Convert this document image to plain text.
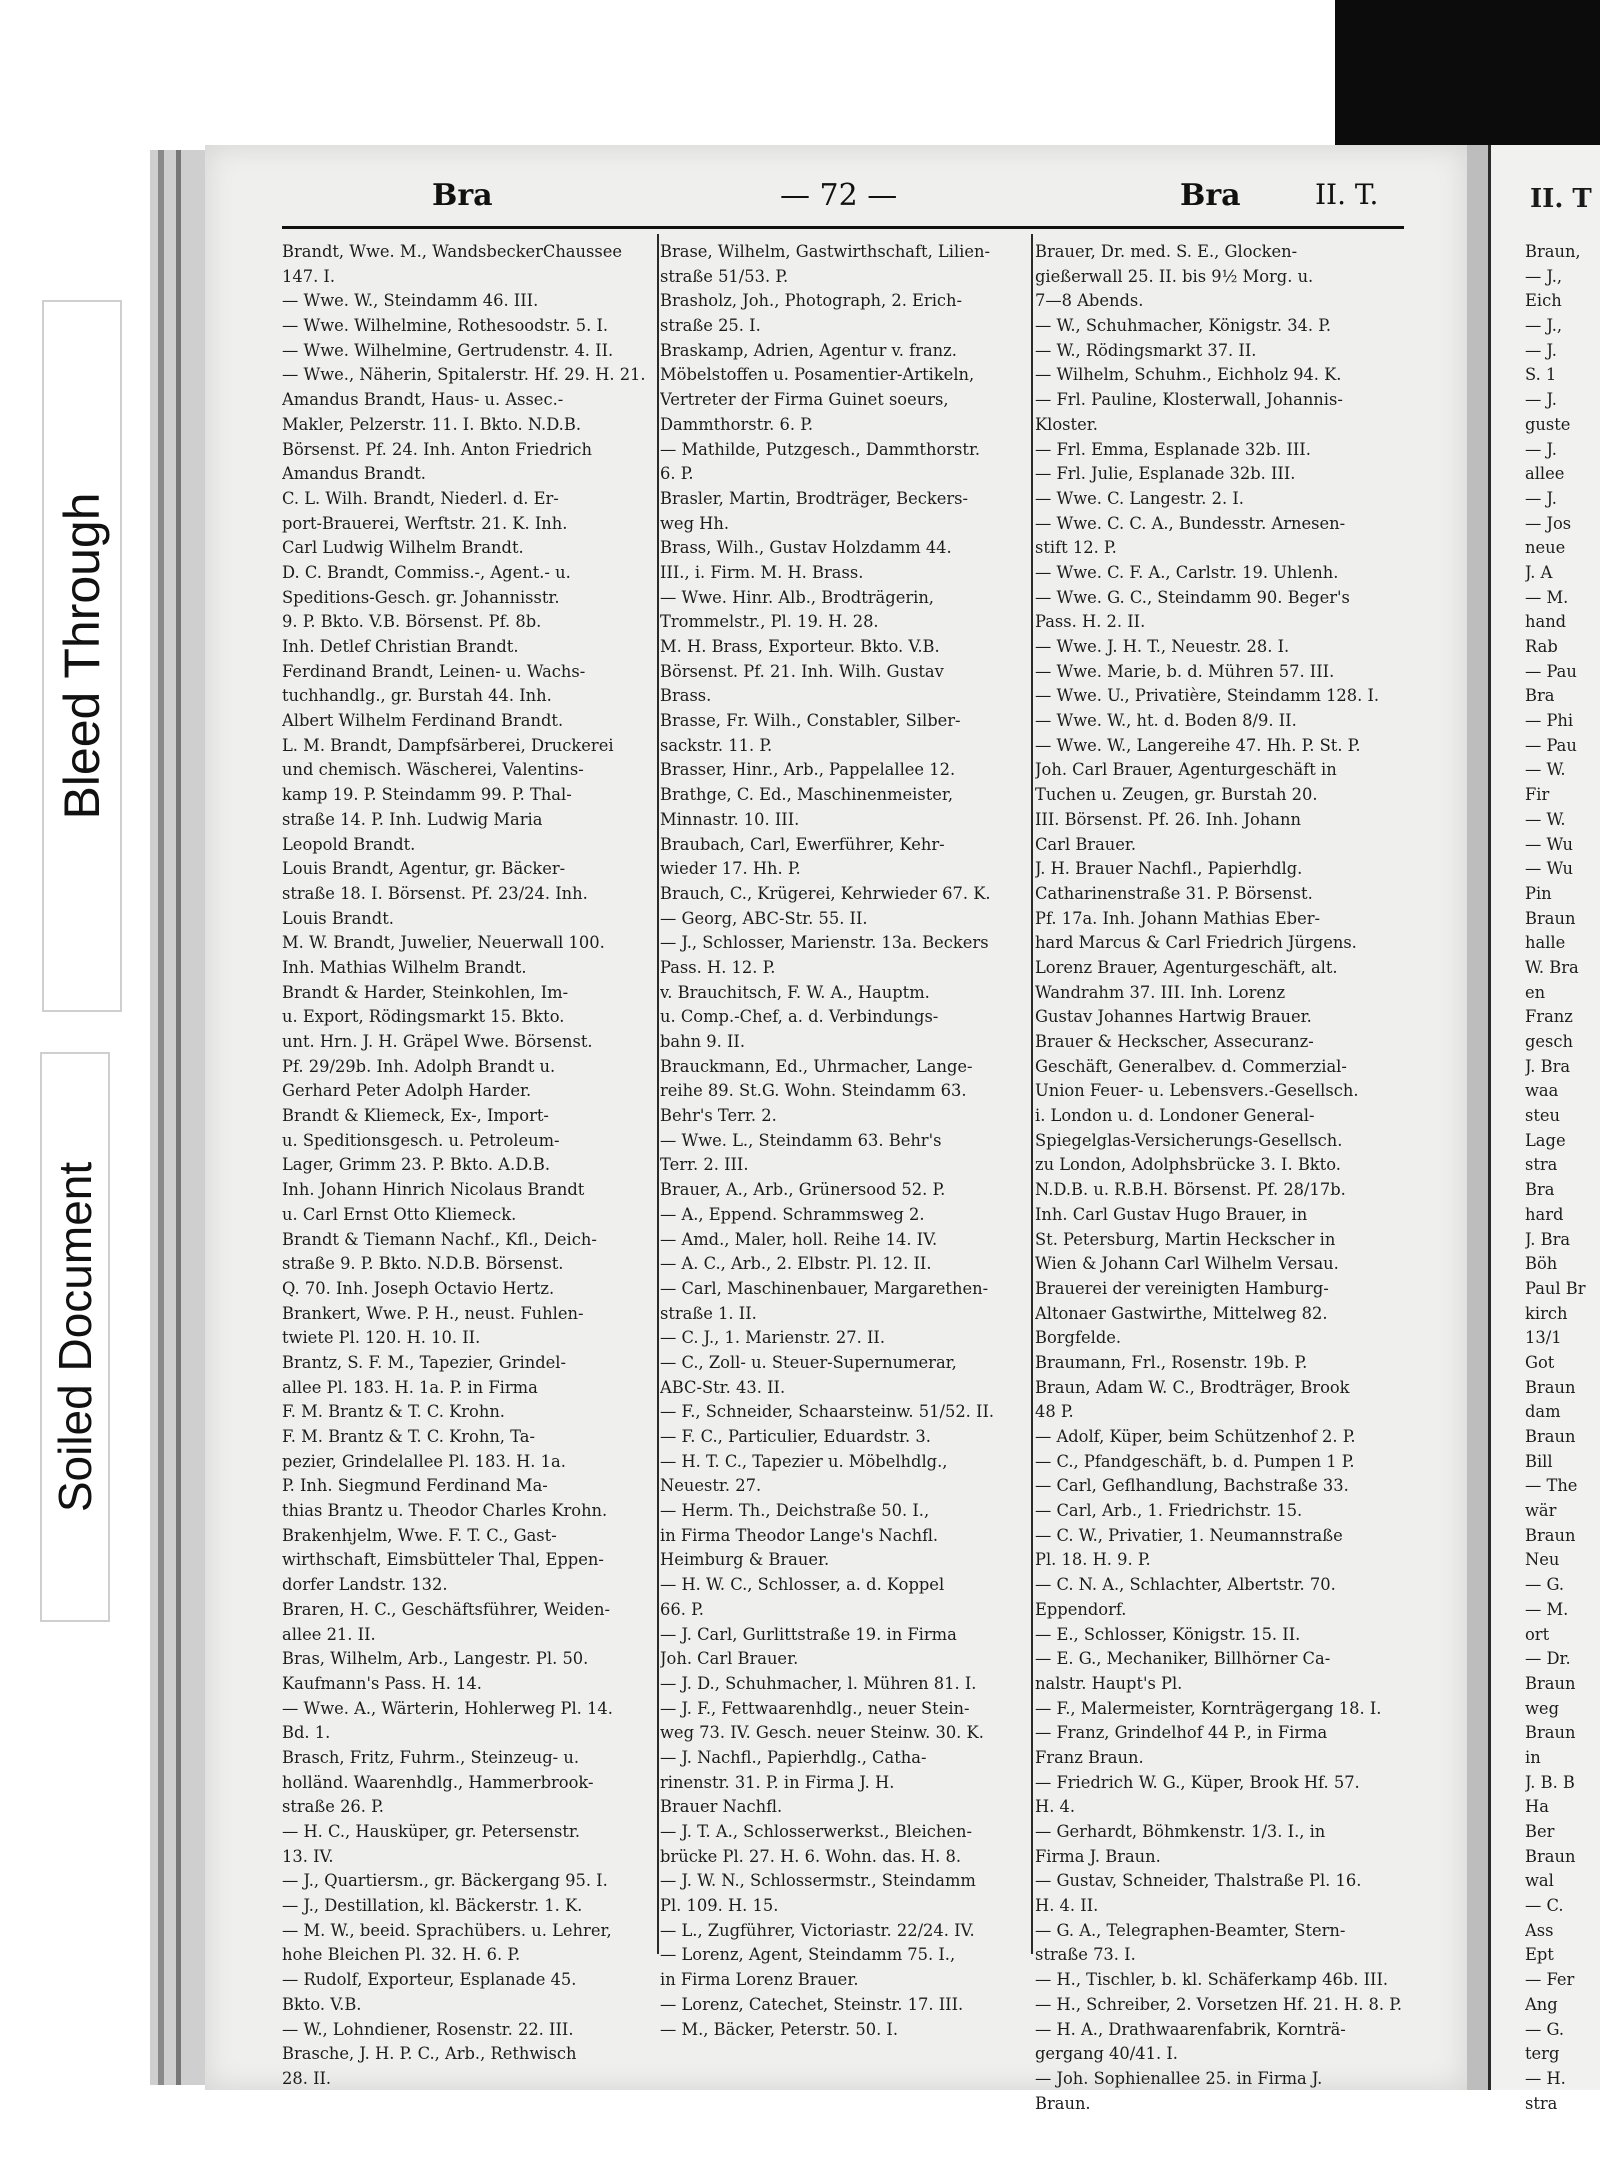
Bleed Through
Soiled Document
Bra	— 72 —	Bra	II. T.	II. T
Brandt, Wwe. M., WandsbeckerChaussee
147. I.
— Wwe. W., Steindamm 46. III.
— Wwe. Wilhelmine, Rothesoodstr. 5. I.
— Wwe. Wilhelmine, Gertrudenstr. 4. II.
— Wwe., Näherin, Spitalerstr. Hf. 29. H. 21.
Amandus Brandt, Haus- u. Assec.-
Makler, Pelzerstr. 11. I. Bkto. N.D.B.
Börsenst. Pf. 24. Inh. Anton Friedrich
Amandus Brandt.
C. L. Wilh. Brandt, Niederl. d. Er-
port-Brauerei, Werftstr. 21. K. Inh.
Carl Ludwig Wilhelm Brandt.
D. C. Brandt, Commiss.-, Agent.- u.
Speditions-Gesch. gr. Johannisstr.
9. P. Bkto. V.B. Börsenst. Pf. 8b.
Inh. Detlef Christian Brandt.
Ferdinand Brandt, Leinen- u. Wachs-
tuchhandlg., gr. Burstah 44. Inh.
Albert Wilhelm Ferdinand Brandt.
L. M. Brandt, Dampfsärberei, Druckerei
und chemisch. Wäscherei, Valentins-
kamp 19. P. Steindamm 99. P. Thal-
straße 14. P. Inh. Ludwig Maria
Leopold Brandt.
Louis Brandt, Agentur, gr. Bäcker-
straße 18. I. Börsenst. Pf. 23/24. Inh.
Louis Brandt.
M. W. Brandt, Juwelier, Neuerwall 100.
Inh. Mathias Wilhelm Brandt.
Brandt & Harder, Steinkohlen, Im-
u. Export, Rödingsmarkt 15. Bkto.
unt. Hrn. J. H. Gräpel Wwe. Börsenst.
Pf. 29/29b. Inh. Adolph Brandt u.
Gerhard Peter Adolph Harder.
Brandt & Kliemeck, Ex-, Import-
u. Speditionsgesch. u. Petroleum-
Lager, Grimm 23. P. Bkto. A.D.B.
Inh. Johann Hinrich Nicolaus Brandt
u. Carl Ernst Otto Kliemeck.
Brandt & Tiemann Nachf., Kfl., Deich-
straße 9. P. Bkto. N.D.B. Börsenst.
Q. 70. Inh. Joseph Octavio Hertz.
Brankert, Wwe. P. H., neust. Fuhlen-
twiete Pl. 120. H. 10. II.
Brantz, S. F. M., Tapezier, Grindel-
allee Pl. 183. H. 1a. P. in Firma
F. M. Brantz & T. C. Krohn.
F. M. Brantz & T. C. Krohn, Ta-
pezier, Grindelallee Pl. 183. H. 1a.
P. Inh. Siegmund Ferdinand Ma-
thias Brantz u. Theodor Charles Krohn.
Brakenhjelm, Wwe. F. T. C., Gast-
wirthschaft, Eimsbütteler Thal, Eppen-
dorfer Landstr. 132.
Braren, H. C., Geschäftsführer, Weiden-
allee 21. II.
Bras, Wilhelm, Arb., Langestr. Pl. 50.
Kaufmann's Pass. H. 14.
— Wwe. A., Wärterin, Hohlerweg Pl. 14.
Bd. 1.
Brasch, Fritz, Fuhrm., Steinzeug- u.
holländ. Waarenhdlg., Hammerbrook-
straße 26. P.
— H. C., Hausküper, gr. Petersenstr.
13. IV.
— J., Quartiersm., gr. Bäckergang 95. I.
— J., Destillation, kl. Bäckerstr. 1. K.
— M. W., beeid. Sprachübers. u. Lehrer,
hohe Bleichen Pl. 32. H. 6. P.
— Rudolf, Exporteur, Esplanade 45.
Bkto. V.B.
— W., Lohndiener, Rosenstr. 22. III.
Brasche, J. H. P. C., Arb., Rethwisch
28. II.
Brase, Wilhelm, Gastwirthschaft, Lilien-
straße 51/53. P.
Brasholz, Joh., Photograph, 2. Erich-
straße 25. I.
Braskamp, Adrien, Agentur v. franz.
Möbelstoffen u. Posamentier-Artikeln,
Vertreter der Firma Guinet soeurs,
Dammthorstr. 6. P.
— Mathilde, Putzgesch., Dammthorstr.
6. P.
Brasler, Martin, Brodträger, Beckers-
weg Hh.
Brass, Wilh., Gustav Holzdamm 44.
III., i. Firm. M. H. Brass.
— Wwe. Hinr. Alb., Brodträgerin,
Trommelstr., Pl. 19. H. 28.
M. H. Brass, Exporteur. Bkto. V.B.
Börsenst. Pf. 21. Inh. Wilh. Gustav
Brass.
Brasse, Fr. Wilh., Constabler, Silber-
sackstr. 11. P.
Brasser, Hinr., Arb., Pappelallee 12.
Brathge, C. Ed., Maschinenmeister,
Minnastr. 10. III.
Braubach, Carl, Ewerführer, Kehr-
wieder 17. Hh. P.
Brauch, C., Krügerei, Kehrwieder 67. K.
— Georg, ABC-Str. 55. II.
— J., Schlosser, Marienstr. 13a. Beckers
Pass. H. 12. P.
v. Brauchitsch, F. W. A., Hauptm.
u. Comp.-Chef, a. d. Verbindungs-
bahn 9. II.
Brauckmann, Ed., Uhrmacher, Lange-
reihe 89. St.G. Wohn. Steindamm 63.
Behr's Terr. 2.
— Wwe. L., Steindamm 63. Behr's
Terr. 2. III.
Brauer, A., Arb., Grünersood 52. P.
— A., Eppend. Schrammsweg 2.
— Amd., Maler, holl. Reihe 14. IV.
— A. C., Arb., 2. Elbstr. Pl. 12. II.
— Carl, Maschinenbauer, Margarethen-
straße 1. II.
— C. J., 1. Marienstr. 27. II.
— C., Zoll- u. Steuer-Supernumerar,
ABC-Str. 43. II.
— F., Schneider, Schaarsteinw. 51/52. II.
— F. C., Particulier, Eduardstr. 3.
— H. T. C., Tapezier u. Möbelhdlg.,
Neuestr. 27.
— Herm. Th., Deichstraße 50. I.,
in Firma Theodor Lange's Nachfl.
Heimburg & Brauer.
— H. W. C., Schlosser, a. d. Koppel
66. P.
— J. Carl, Gurlittstraße 19. in Firma
Joh. Carl Brauer.
— J. D., Schuhmacher, l. Mühren 81. I.
— J. F., Fettwaarenhdlg., neuer Stein-
weg 73. IV. Gesch. neuer Steinw. 30. K.
— J. Nachfl., Papierhdlg., Catha-
rinenstr. 31. P. in Firma J. H.
Brauer Nachfl.
— J. T. A., Schlosserwerkst., Bleichen-
brücke Pl. 27. H. 6. Wohn. das. H. 8.
— J. W. N., Schlossermstr., Steindamm
Pl. 109. H. 15.
— L., Zugführer, Victoriastr. 22/24. IV.
— Lorenz, Agent, Steindamm 75. I.,
in Firma Lorenz Brauer.
— Lorenz, Catechet, Steinstr. 17. III.
— M., Bäcker, Peterstr. 50. I.
Brauer, Dr. med. S. E., Glocken-
gießerwall 25. II. bis 9½ Morg. u.
7—8 Abends.
— W., Schuhmacher, Königstr. 34. P.
— W., Rödingsmarkt 37. II.
— Wilhelm, Schuhm., Eichholz 94. K.
— Frl. Pauline, Klosterwall, Johannis-
Kloster.
— Frl. Emma, Esplanade 32b. III.
— Frl. Julie, Esplanade 32b. III.
— Wwe. C. Langestr. 2. I.
— Wwe. C. C. A., Bundesstr. Arnesen-
stift 12. P.
— Wwe. C. F. A., Carlstr. 19. Uhlenh.
— Wwe. G. C., Steindamm 90. Beger's
Pass. H. 2. II.
— Wwe. J. H. T., Neuestr. 28. I.
— Wwe. Marie, b. d. Mühren 57. III.
— Wwe. U., Privatière, Steindamm 128. I.
— Wwe. W., ht. d. Boden 8/9. II.
— Wwe. W., Langereihe 47. Hh. P. St. P.
Joh. Carl Brauer, Agenturgeschäft in
Tuchen u. Zeugen, gr. Burstah 20.
III. Börsenst. Pf. 26. Inh. Johann
Carl Brauer.
J. H. Brauer Nachfl., Papierhdlg.
Catharinenstraße 31. P. Börsenst.
Pf. 17a. Inh. Johann Mathias Eber-
hard Marcus & Carl Friedrich Jürgens.
Lorenz Brauer, Agenturgeschäft, alt.
Wandrahm 37. III. Inh. Lorenz
Gustav Johannes Hartwig Brauer.
Brauer & Heckscher, Assecuranz-
Geschäft, Generalbev. d. Commerzial-
Union Feuer- u. Lebensvers.-Gesellsch.
i. London u. d. Londoner General-
Spiegelglas-Versicherungs-Gesellsch.
zu London, Adolphsbrücke 3. I. Bkto.
N.D.B. u. R.B.H. Börsenst. Pf. 28/17b.
Inh. Carl Gustav Hugo Brauer, in
St. Petersburg, Martin Heckscher in
Wien & Johann Carl Wilhelm Versau.
Brauerei der vereinigten Hamburg-
Altonaer Gastwirthe, Mittelweg 82.
Borgfelde.
Braumann, Frl., Rosenstr. 19b. P.
Braun, Adam W. C., Brodträger, Brook
48 P.
— Adolf, Küper, beim Schützenhof 2. P.
— C., Pfandgeschäft, b. d. Pumpen 1 P.
— Carl, Geflhandlung, Bachstraße 33.
— Carl, Arb., 1. Friedrichstr. 15.
— C. W., Privatier, 1. Neumannstraße
Pl. 18. H. 9. P.
— C. N. A., Schlachter, Albertstr. 70.
Eppendorf.
— E., Schlosser, Königstr. 15. II.
— E. G., Mechaniker, Billhörner Ca-
nalstr. Haupt's Pl.
— F., Malermeister, Kornträgergang 18. I.
— Franz, Grindelhof 44 P., in Firma
Franz Braun.
— Friedrich W. G., Küper, Brook Hf. 57.
H. 4.
— Gerhardt, Böhmkenstr. 1/3. I., in
Firma J. Braun.
— Gustav, Schneider, Thalstraße Pl. 16.
H. 4. II.
— G. A., Telegraphen-Beamter, Stern-
straße 73. I.
— H., Tischler, b. kl. Schäferkamp 46b. III.
— H., Schreiber, 2. Vorsetzen Hf. 21. H. 8. P.
— H. A., Drathwaarenfabrik, Kornträ-
gergang 40/41. I.
— Joh. Sophienallee 25. in Firma J.
Braun.
Braun,
— J.,
Eich
— J.,
— J.
S. 1
— J.
guste
— J.
allee
— J.
— Jos
neue
J. A
— M.
hand
Rab
— Pau
Bra
— Phi
— Pau
— W.
Fir
— W.
— Wu
— Wu
Pin
Braun
halle
W. Bra
en
Franz
gesch
J. Bra
waa
steu
Lage
stra
Bra
hard
J. Bra
Böh
Paul Br
kirch
13/1
Got
Braun
dam
Braun
Bill
— The
wär
Braun
Neu
— G.
— M.
ort
— Dr.
Braun
weg
Braun
in
J. B. B
Ha
Ber
Braun
wal
— C.
Ass
Ept
— Fer
Ang
— G.
terg
— H.
stra
